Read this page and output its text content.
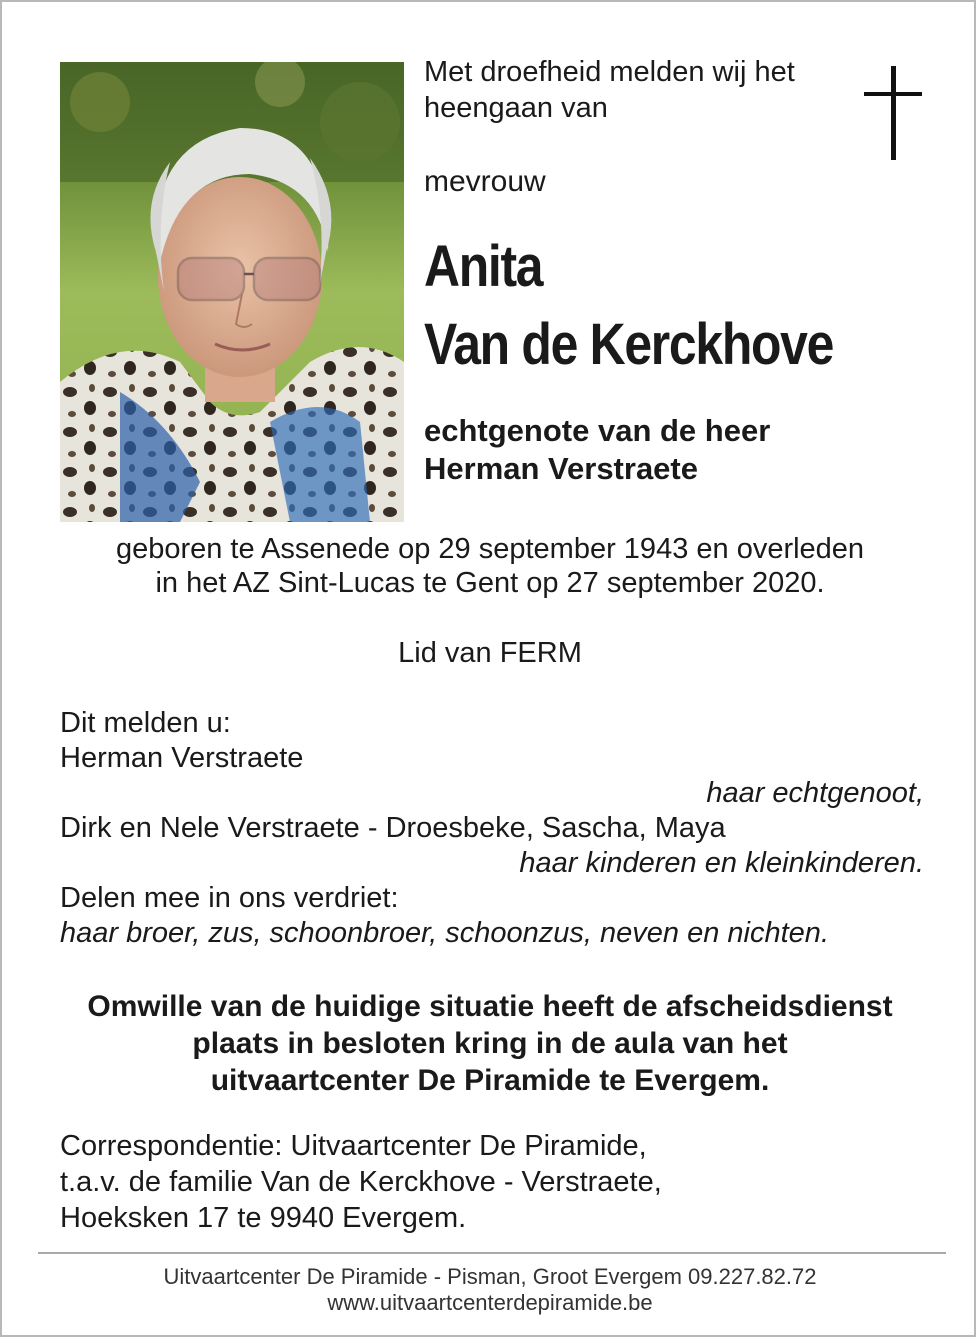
Met droefheid melden wij het
heengaan van
mevrouw
Anita
Van de Kerckhove
echtgenote van de heer
Herman Verstraete
geboren te Assenede op 29 september 1943 en overleden
in het AZ Sint-Lucas te Gent op 27 september 2020.
Lid van FERM
Dit melden u:
Herman Verstraete
haar echtgenoot,
Dirk en Nele Verstraete - Droesbeke, Sascha, Maya
haar kinderen en kleinkinderen.
Delen mee in ons verdriet:
haar broer, zus, schoonbroer, schoonzus, neven en nichten.
Omwille van de huidige situatie heeft de afscheidsdienst
plaats in besloten kring in de aula van het
uitvaartcenter De Piramide te Evergem.
Correspondentie: Uitvaartcenter De Piramide,
t.a.v. de familie Van de Kerckhove - Verstraete,
Hoeksken 17 te 9940 Evergem.
Uitvaartcenter De Piramide - Pisman, Groot Evergem 09.227.82.72
www.uitvaartcenterdepiramide.be
